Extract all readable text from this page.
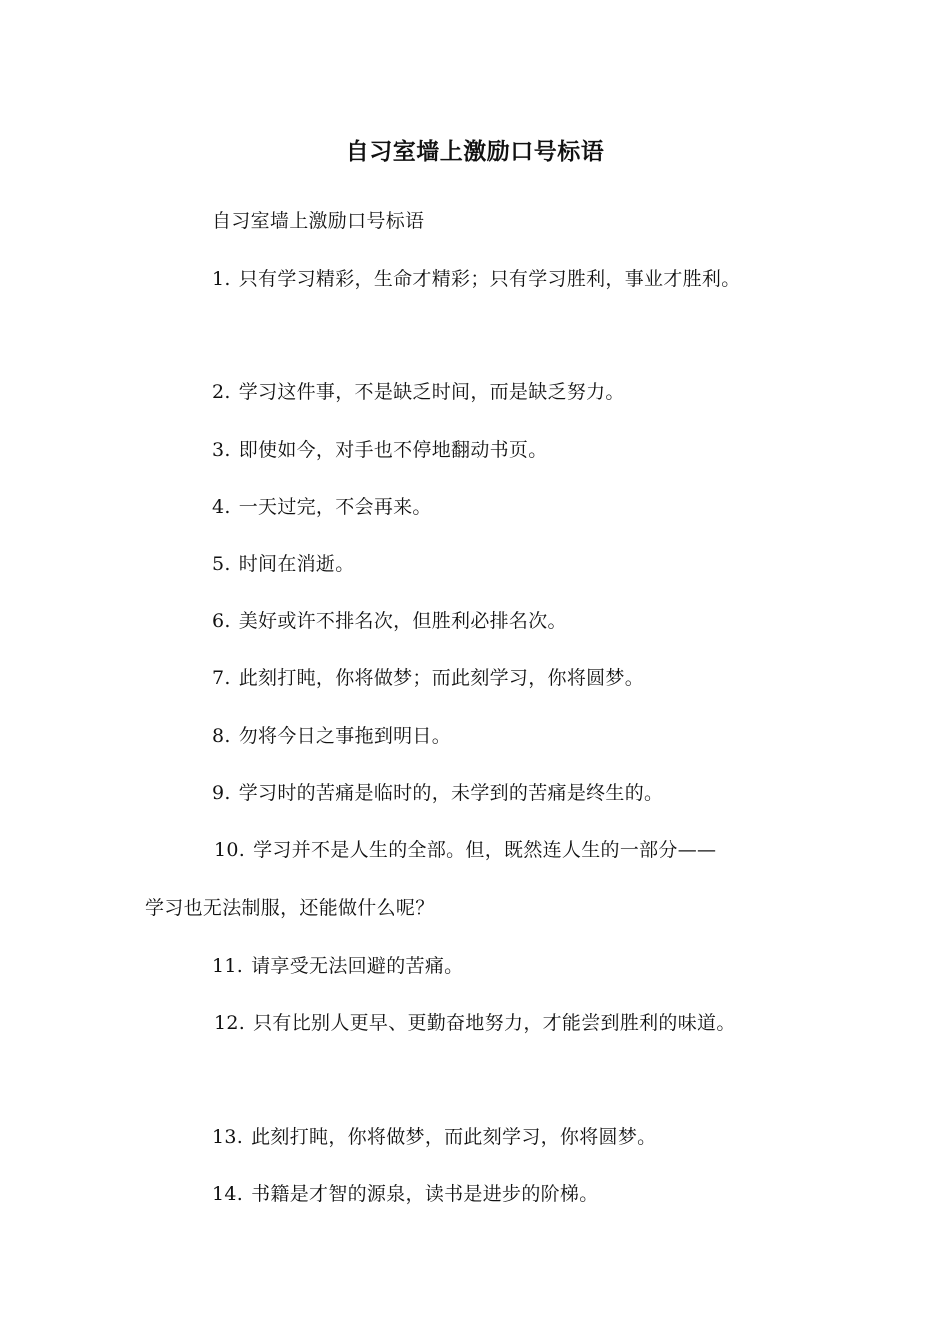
自习室墙上激励口号标语
自习室墙上激励口号标语
1. 只有学习精彩，生命才精彩；只有学习胜利，事业才胜利。
2. 学习这件事，不是缺乏时间，而是缺乏努力。
3. 即使如今，对手也不停地翻动书页。
4. 一天过完，不会再来。
5. 时间在消逝。
6. 美好或许不排名次，但胜利必排名次。
7. 此刻打盹，你将做梦；而此刻学习，你将圆梦。
8. 勿将今日之事拖到明日。
9. 学习时的苦痛是临时的，未学到的苦痛是终生的。
10. 学习并不是人生的全部。但，既然连人生的一部分——
学习也无法制服，还能做什么呢？
11. 请享受无法回避的苦痛。
12. 只有比别人更早、更勤奋地努力，才能尝到胜利的味道。
13. 此刻打盹，你将做梦，而此刻学习，你将圆梦。
14. 书籍是才智的源泉，读书是进步的阶梯。
